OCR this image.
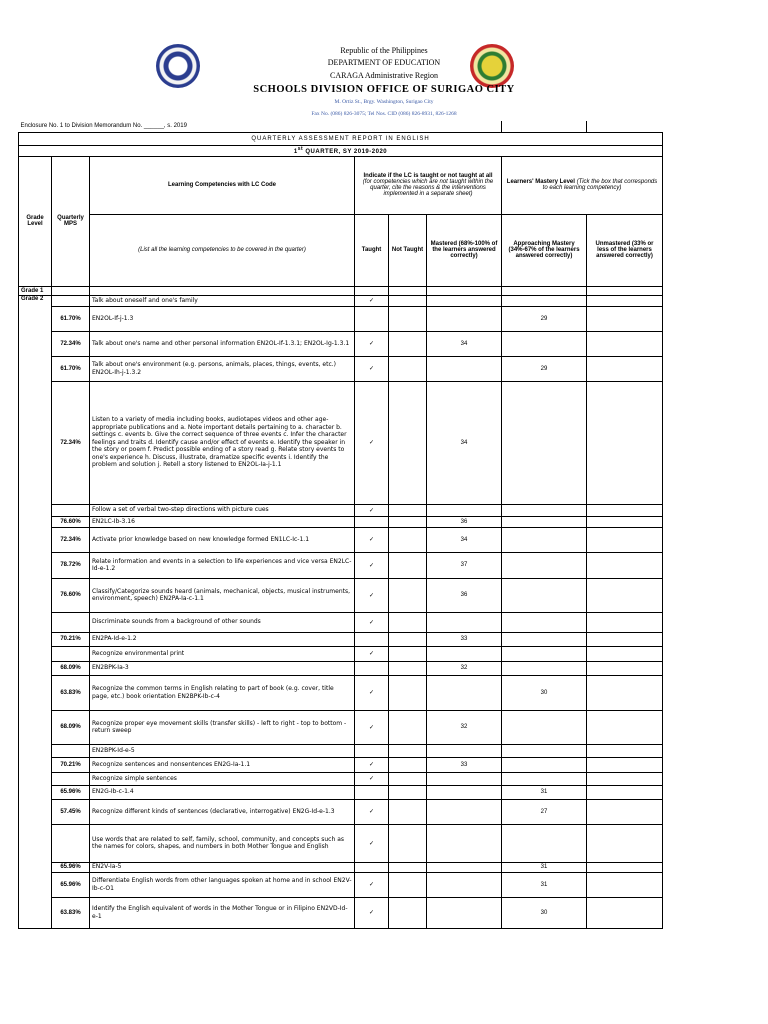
Republic of the Philippines
DEPARTMENT OF EDUCATION
CARAGA Administrative Region
SCHOOLS DIVISION OFFICE OF SURIGAO CITY
M. Ortiz St., Brgy. Washington, Surigao City
Fax No. (086) 826-3075; Tel Nos. CID (086) 826-8931, 826-1268
Enclosure No. 1 to Division Memorandum No. ______, s. 2019							
QUARTERLY ASSESSMENT REPORT IN ENGLISH							
1st QUARTER, SY 2019-2020							
Grade Level	Quarterly MPS	Learning Competencies with LC Code	Indicate if the LC is taught or not taught at all
(for competencies which are not taught within the quarter, cite the reasons & the interventions implemented in a separate sheet)			Learners' Mastery Level (Tick the box that corresponds to each learning competency)	
		(List all the learning competencies to be covered in the quarter)	Taught	Not Taught	Mastered (68%-100% of the learners answered correctly)	Approaching Mastery (34%-67% of the learners answered correctly)	Unmastered (33% or less of the learners answered correctly)
Grade 1							
Grade 2		Talk about oneself and one's family	✓				
	61.70%	EN2OL-If-j-1.3				29	
	72.34%	Talk about one's name and other personal information EN2OL-If-1.3.1; EN2OL-Ig-1.3.1	✓		34		
	61.70%	Talk about one's environment (e.g. persons, animals, places, things, events, etc.) EN2OL-Ih-j-1.3.2	✓			29	
	72.34%	Listen to a variety of media including books, audiotapes videos and other age-appropriate publications and a. Note important details pertaining to a. character b. settings c. events b. Give the correct sequence of three events c. Infer the character feelings and traits d. Identify cause and/or effect of events e. Identify the speaker in the story or poem f. Predict possible ending of a story read g. Relate story events to one's experience h. Discuss, illustrate, dramatize specific events i. Identify the problem and solution j. Retell a story listened to EN2OL-Ia-j-1.1	✓		34		
		Follow a set of verbal two-step directions with picture cues	✓				
	76.60%	EN2LC-Ib-3.16			36		
	72.34%	Activate prior knowledge based on new knowledge formed EN1LC-Ic-1.1	✓		34		
	78.72%	Relate information and events in a selection to life experiences and vice versa EN2LC-Id-e-1.2	✓		37		
	76.60%	Classify/Categorize sounds heard (animals, mechanical, objects, musical instruments, environment, speech) EN2PA-Ia-c-1.1	✓		36		
		Discriminate sounds from a background of other sounds	✓				
	70.21%	EN2PA-Id-e-1.2			33		
		Recognize environmental print	✓				
	68.09%	EN2BPK-Ia-3			32		
	63.83%	Recognize the common terms in English relating to part of book (e.g. cover, title page, etc.) book orientation EN2BPK-Ib-c-4	✓			30	
	68.09%	Recognize proper eye movement skills (transfer skills) - left to right - top to bottom - return sweep	✓		32		
		EN2BPK-Id-e-5					
	70.21%	Recognize sentences and nonsentences EN2G-Ia-1.1	✓		33		
		Recognize simple sentences	✓				
	65.96%	EN2G-Ib-c-1.4				31	
	57.45%	Recognize different kinds of sentences (declarative, interrogative) EN2G-Id-e-1.3	✓			27	
		Use words that are related to self, family, school, community, and concepts such as the names for colors, shapes, and numbers in both Mother Tongue and English	✓				
	65.96%	EN2V-Ia-5				31	
	65.96%	Differentiate English words from other languages spoken at home and in school EN2V-Ib-c-O1	✓			31	
	63.83%	Identify the English equivalent of words in the Mother Tongue or in Filipino EN2VD-Id-e-1	✓			30	
